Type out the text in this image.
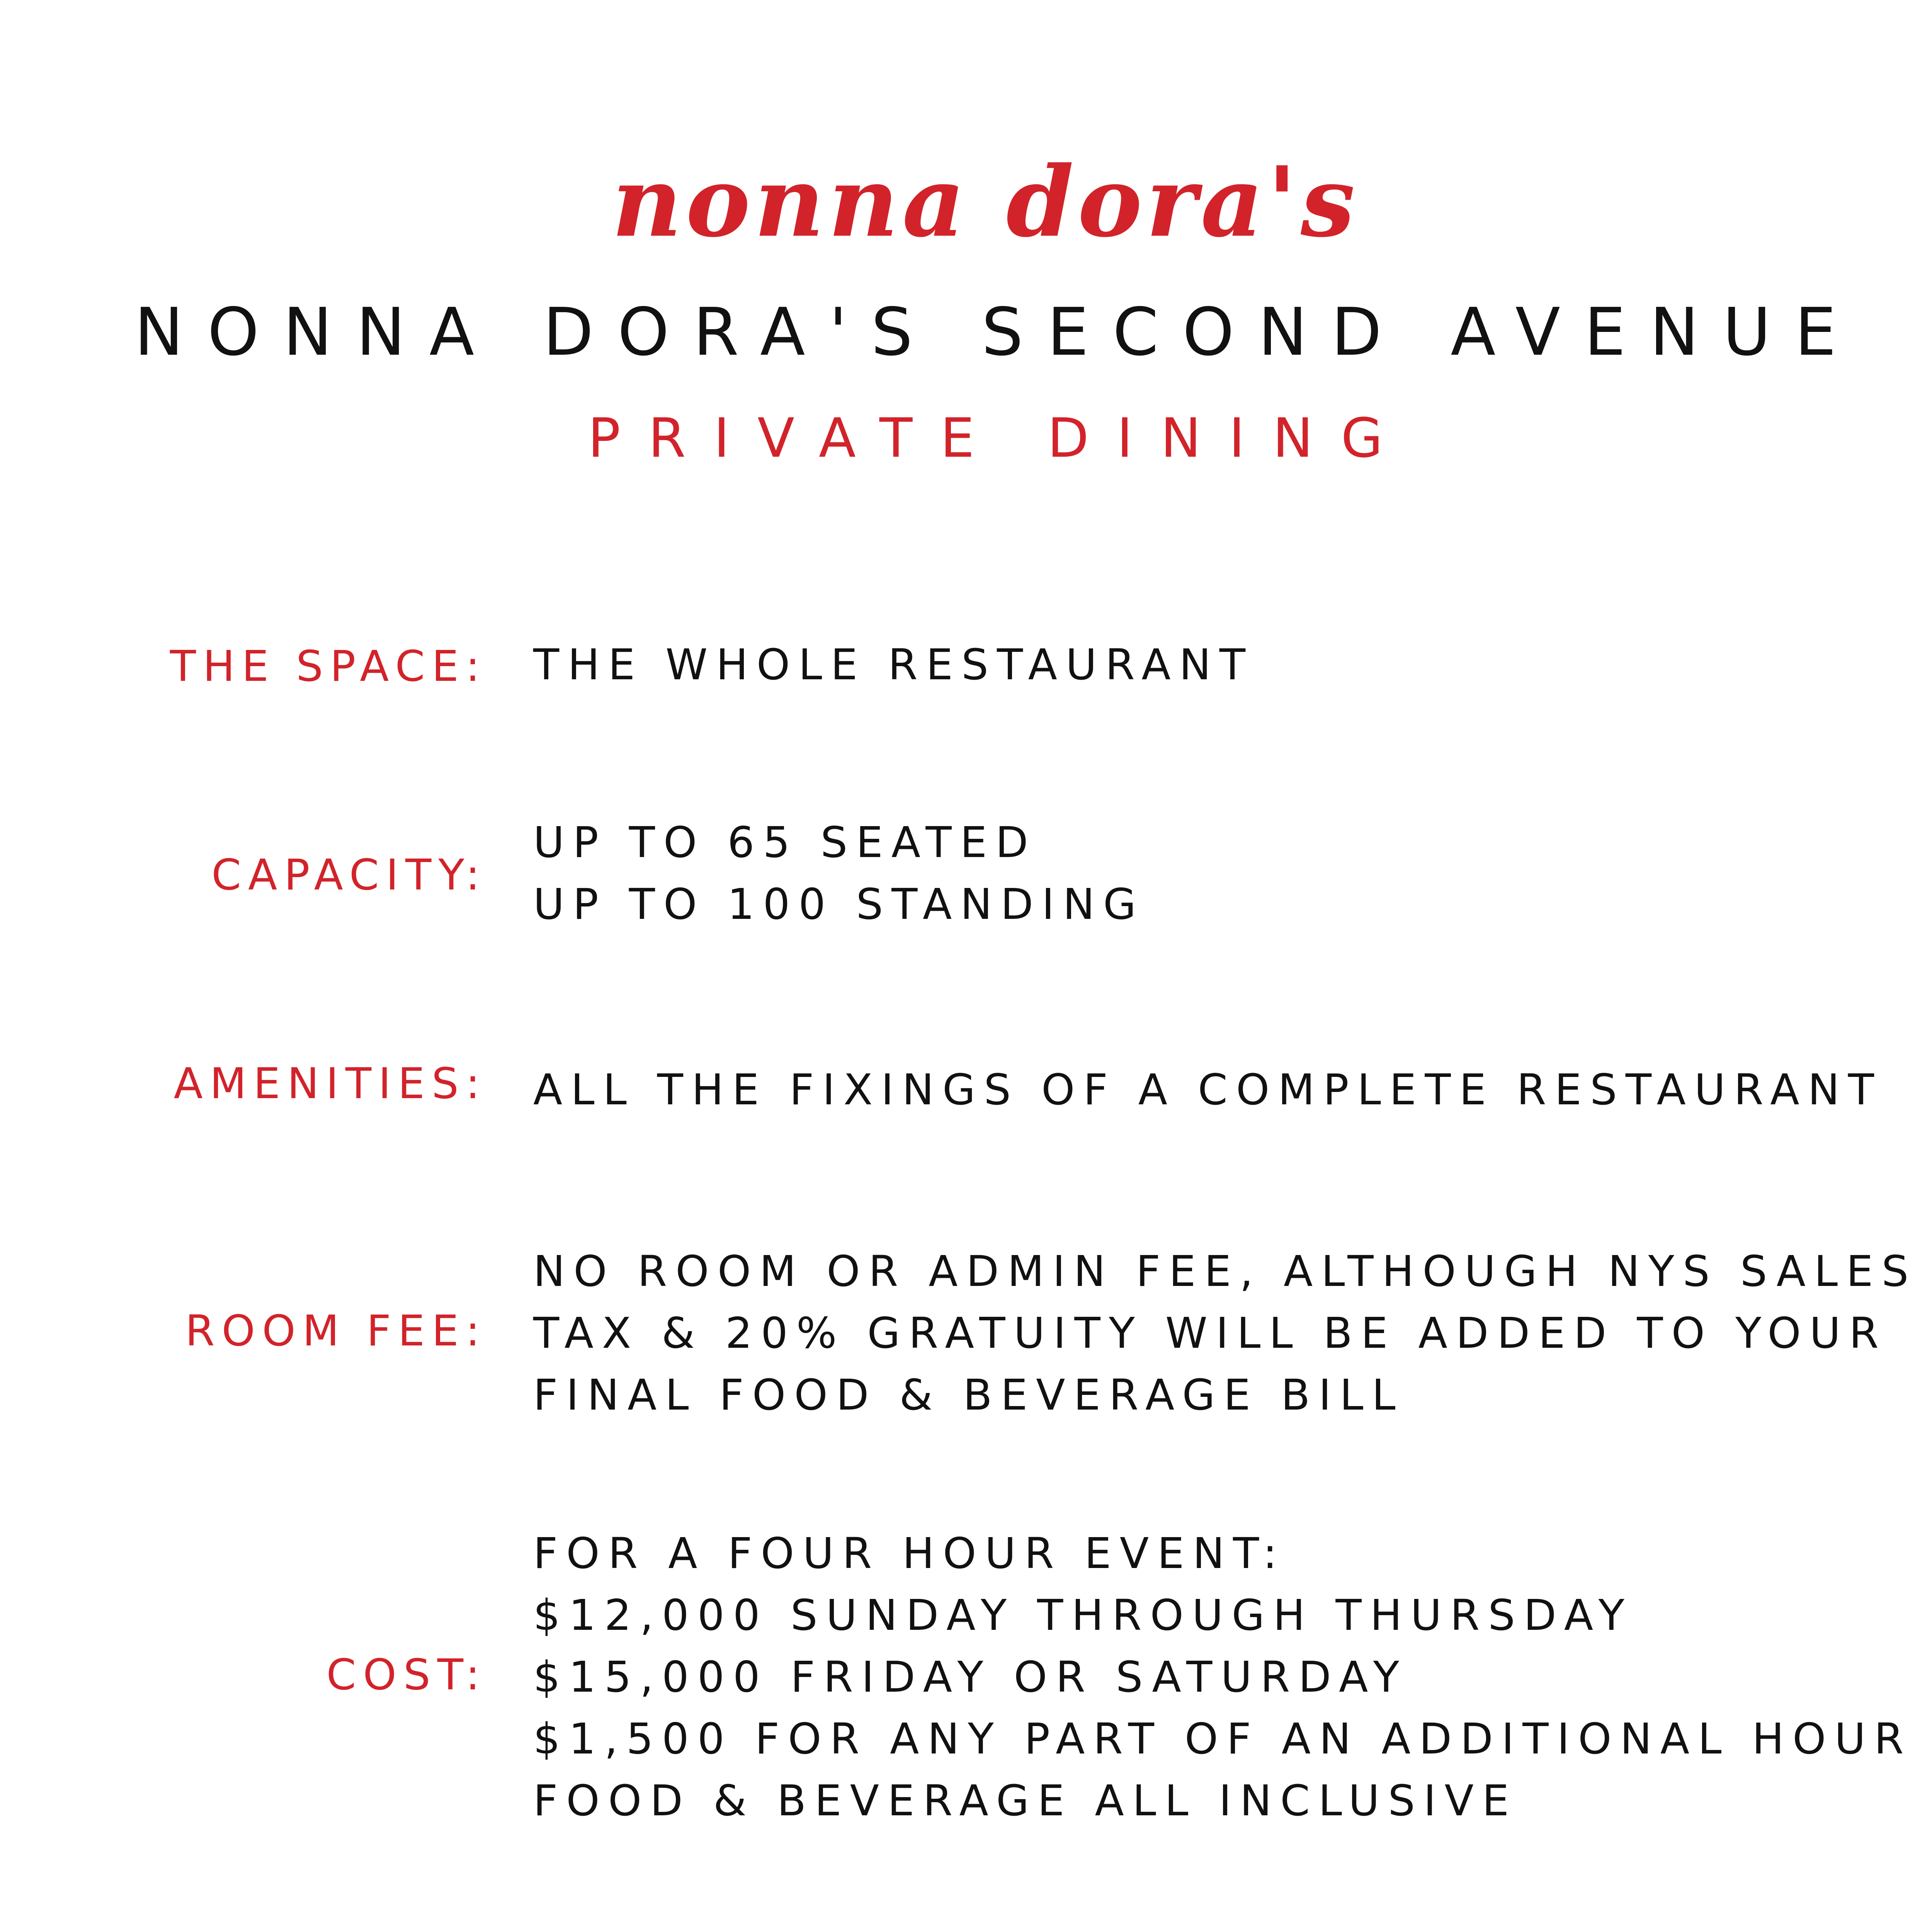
nonna dora's
NONNA DORA'S SECOND AVENUE
PRIVATE DINING
THE SPACE: THE WHOLE RESTAURANT
CAPACITY:
UP TO 65 SEATED
UP TO 100 STANDING
AMENITIES: ALL THE FIXINGS OF A COMPLETE RESTAURANT
ROOM FEE:
NO ROOM OR ADMIN FEE, ALTHOUGH NYS SALES
TAX & 20% GRATUITY WILL BE ADDED TO YOUR
FINAL FOOD & BEVERAGE BILL
COST:
FOR A FOUR HOUR EVENT:
$12,000 SUNDAY THROUGH THURSDAY
$15,000 FRIDAY OR SATURDAY
$1,500 FOR ANY PART OF AN ADDITIONAL HOUR
FOOD & BEVERAGE ALL INCLUSIVE
